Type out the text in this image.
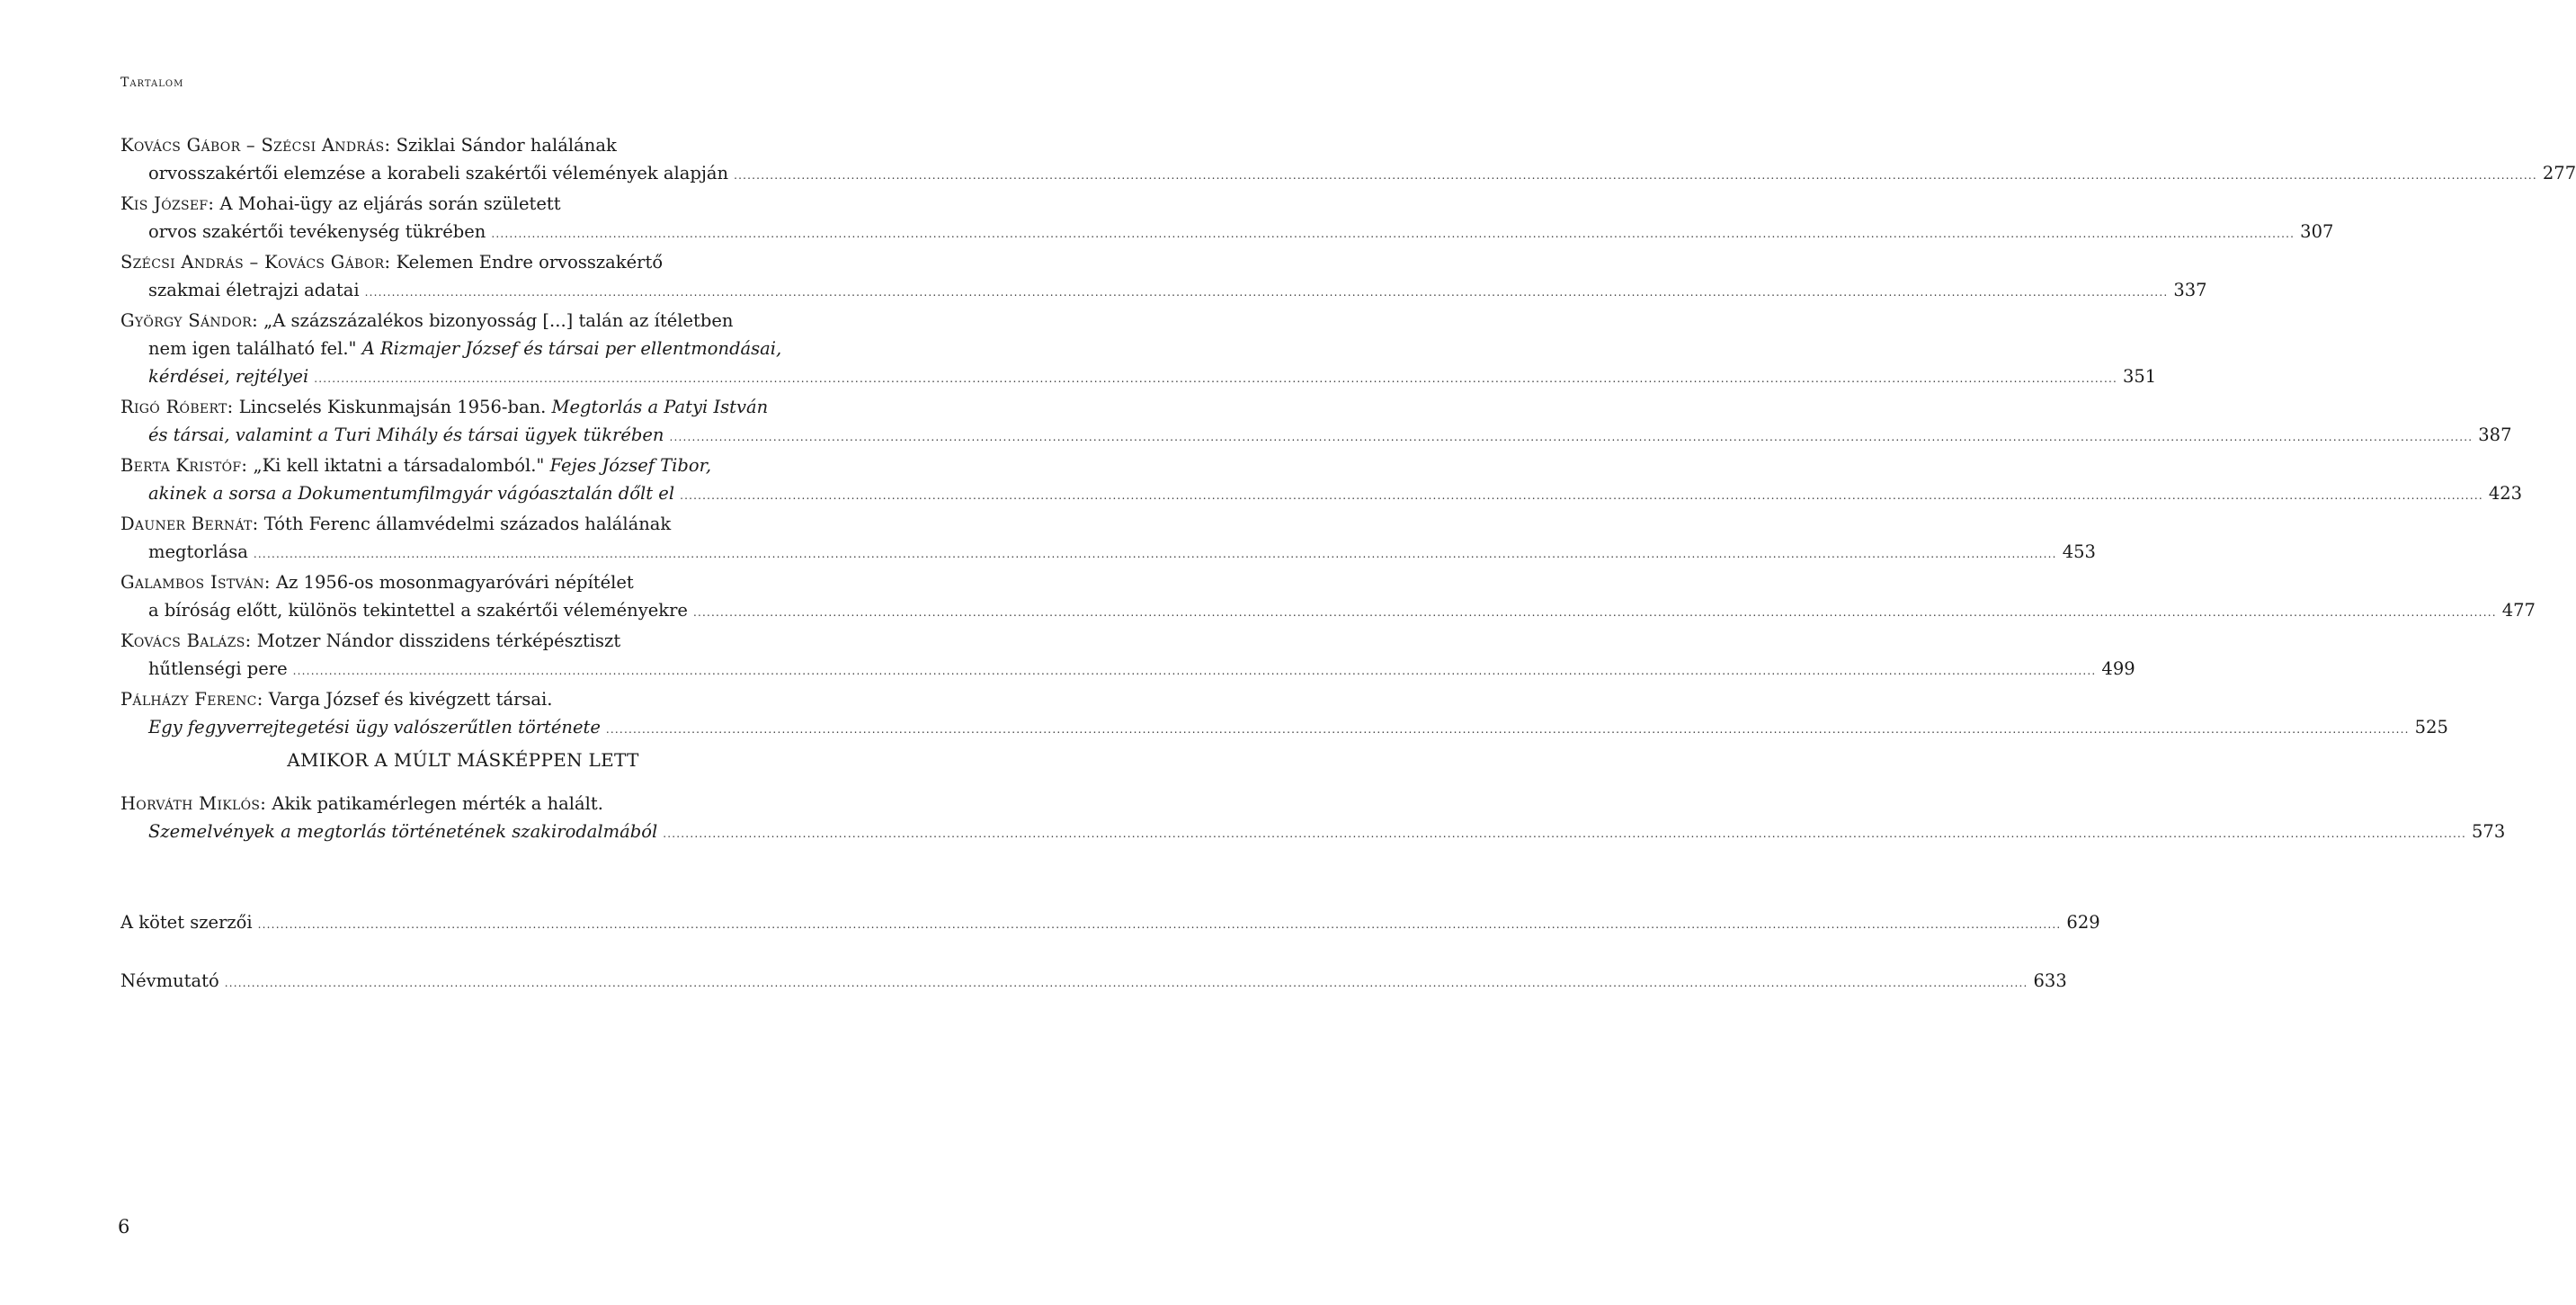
Tartalom
Kovács Gábor – Szécsi András: Sziklai Sándor halálának
orvosszakértői elemzése a korabeli szakértői vélemények alapján ................................................................................................................................................................................................................................................................................................................................................................................................................ 277
Kis József: A Mohai-ügy az eljárás során született
orvos szakértői tevékenység tükrében ................................................................................................................................................................................................................................................................................................................................................................................................................ 307
Szécsi András – Kovács Gábor: Kelemen Endre orvosszakértő
szakmai életrajzi adatai ................................................................................................................................................................................................................................................................................................................................................................................................................ 337
György Sándor: „A százszázalékos bizonyosság [...] talán az ítéletben
nem igen található fel." A Rizmajer József és társai per ellentmondásai,
kérdései, rejtélyei ................................................................................................................................................................................................................................................................................................................................................................................................................ 351
Rigó Róbert: Lincselés Kiskunmajsán 1956-ban. Megtorlás a Patyi István
és társai, valamint a Turi Mihály és társai ügyek tükrében ................................................................................................................................................................................................................................................................................................................................................................................................................ 387
Berta Kristóf: „Ki kell iktatni a társadalomból." Fejes József Tibor,
akinek a sorsa a Dokumentumfilmgyár vágóasztalán dőlt el ................................................................................................................................................................................................................................................................................................................................................................................................................ 423
Dauner Bernát: Tóth Ferenc államvédelmi százados halálának
megtorlása ................................................................................................................................................................................................................................................................................................................................................................................................................ 453
Galambos István: Az 1956-os mosonmagyaróvári népítélet
a bíróság előtt, különös tekintettel a szakértői véleményekre ................................................................................................................................................................................................................................................................................................................................................................................................................ 477
Kovács Balázs: Motzer Nándor disszidens térképésztiszt
hűtlenségi pere ................................................................................................................................................................................................................................................................................................................................................................................................................ 499
Pálházy Ferenc: Varga József és kivégzett társai.
Egy fegyverrejtegetési ügy valószerűtlen története ................................................................................................................................................................................................................................................................................................................................................................................................................ 525
AMIKOR A MÚLT MÁSKÉPPEN LETT
Horváth Miklós: Akik patikamérlegen mérték a halált.
Szemelvények a megtorlás történetének szakirodalmából ................................................................................................................................................................................................................................................................................................................................................................................................................ 573
A kötet szerzői ................................................................................................................................................................................................................................................................................................................................................................................................................ 629
Névmutató ................................................................................................................................................................................................................................................................................................................................................................................................................ 633
6
